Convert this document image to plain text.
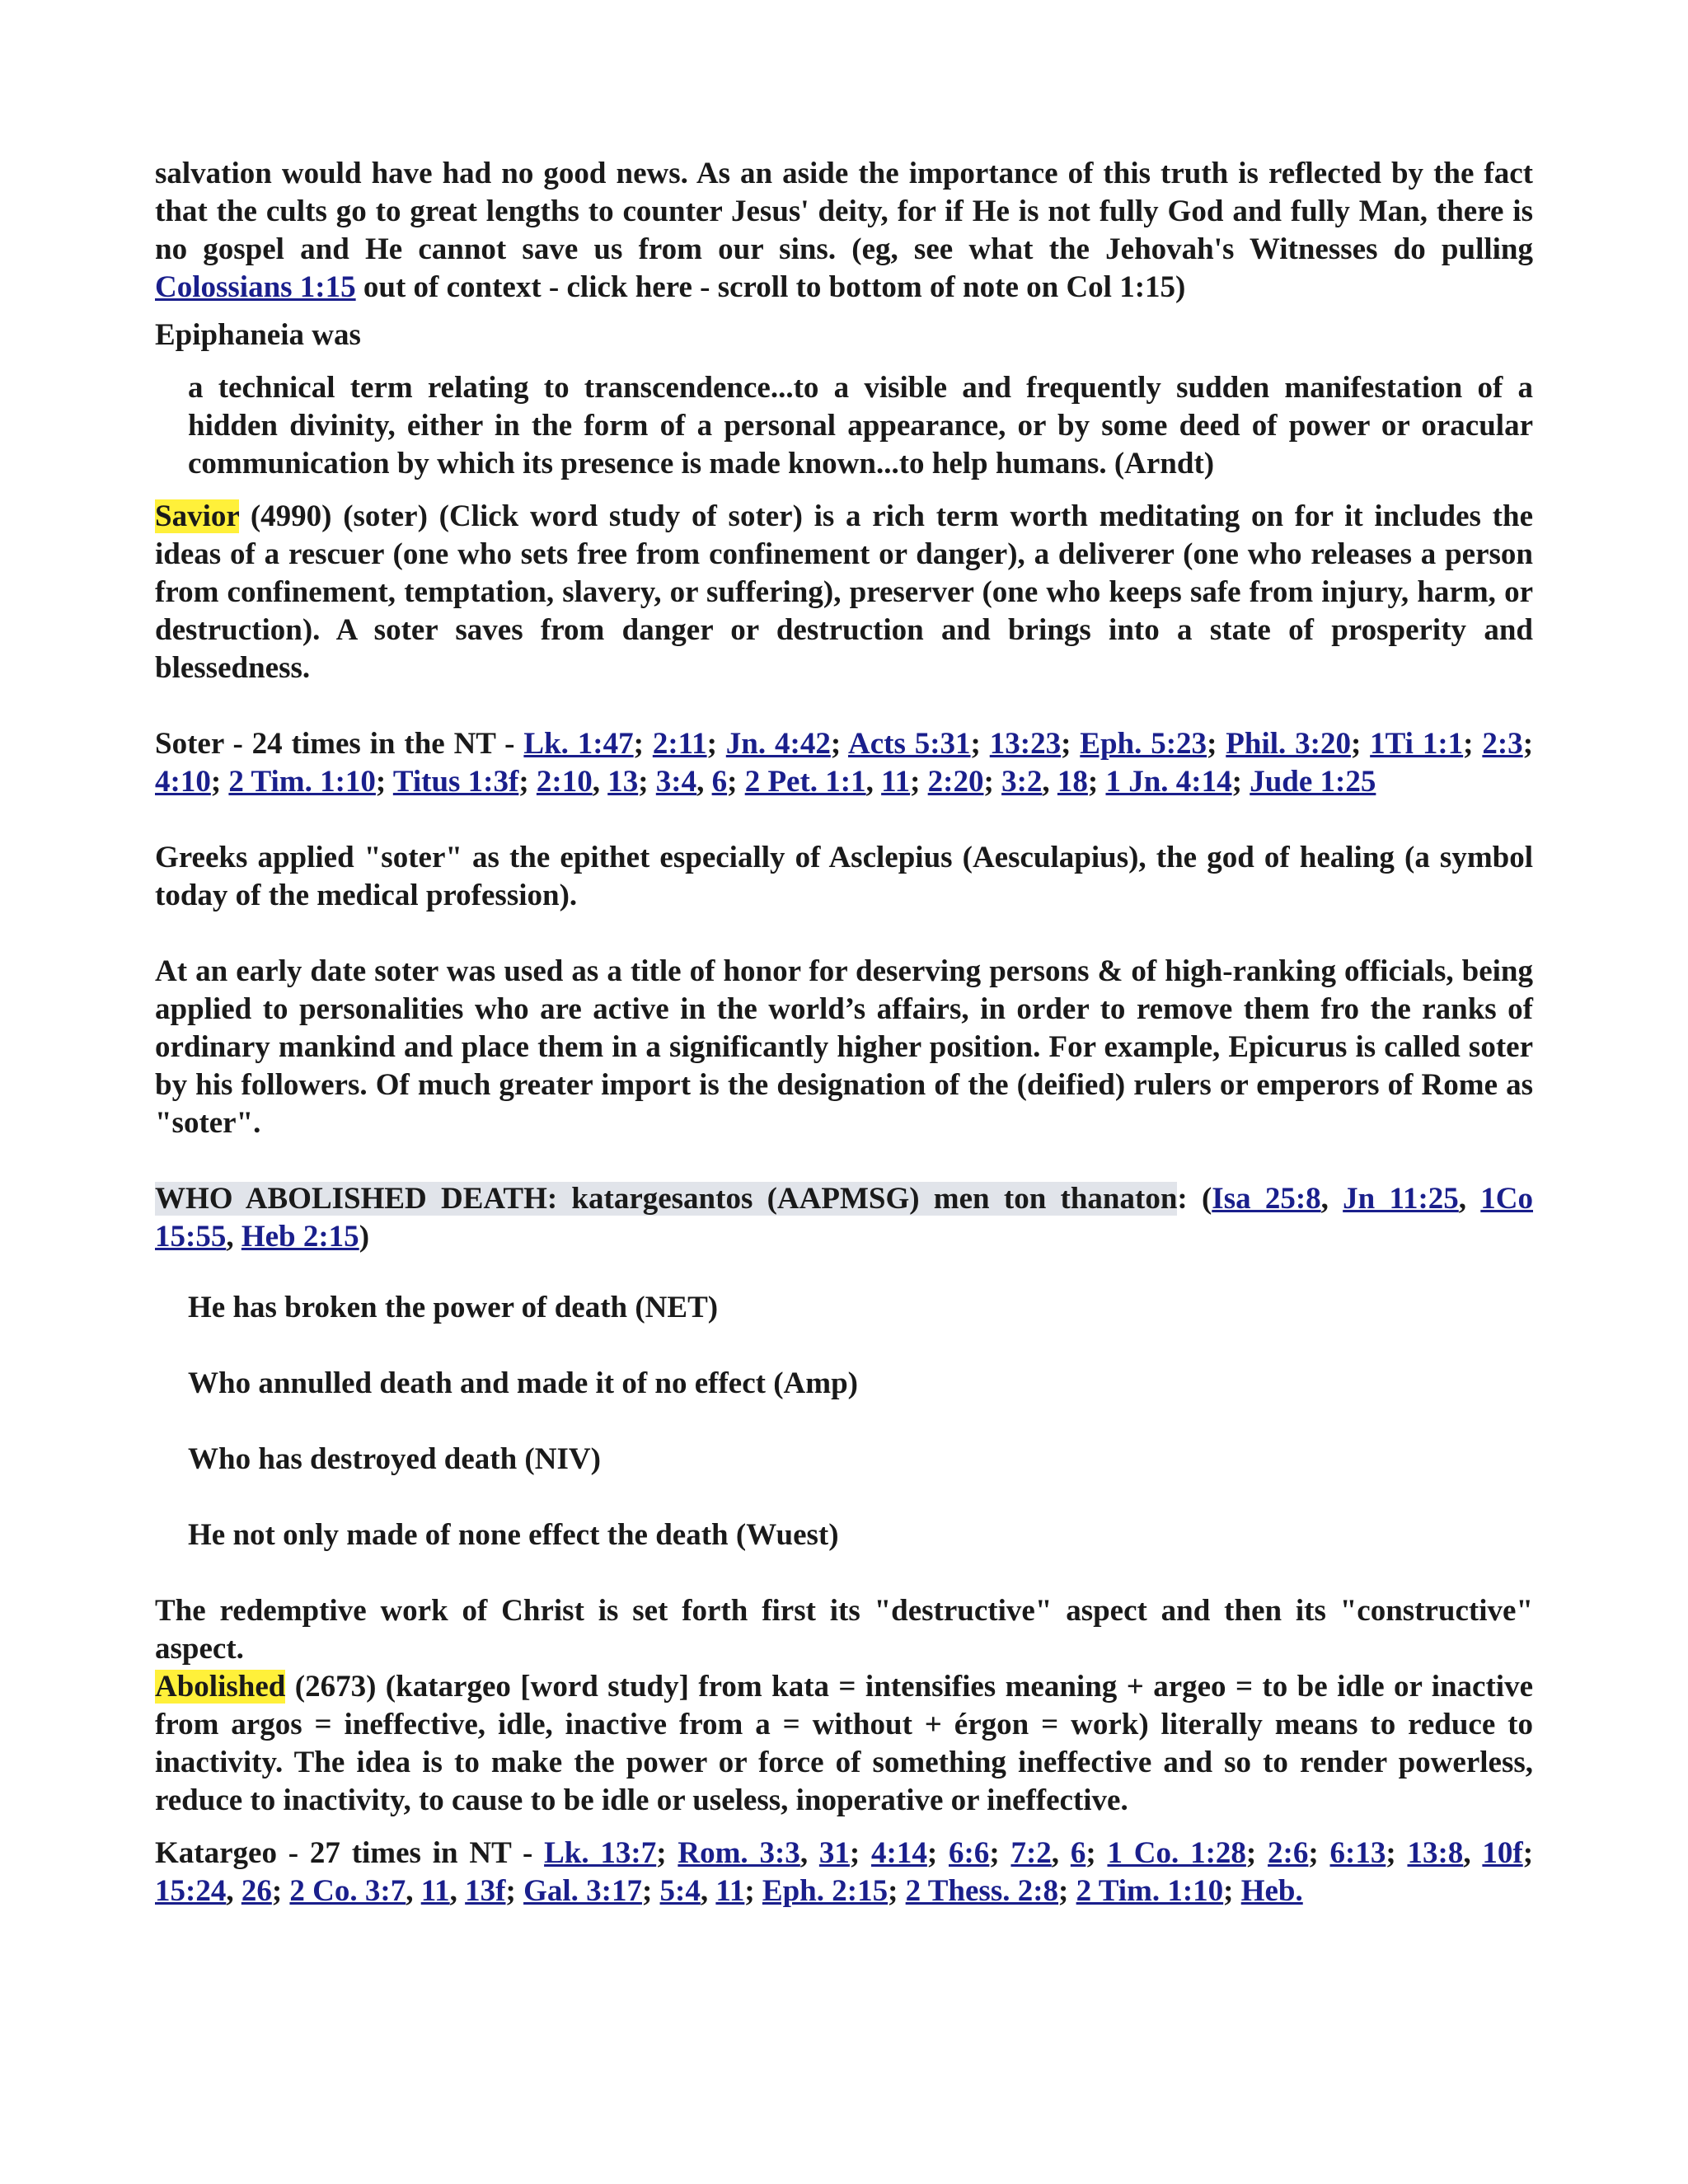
salvation would have had no good news. As an aside the importance of this truth is reflected by the fact that the cults go to great lengths to counter Jesus' deity, for if He is not fully God and fully Man, there is no gospel and He cannot save us from our sins. (eg, see what the Jehovah's Witnesses do pulling Colossians 1:15 out of context - click here - scroll to bottom of note on Col 1:15)

Epiphaneia was

a technical term relating to transcendence...to a visible and frequently sudden manifestation of a hidden divinity, either in the form of a personal appearance, or by some deed of power or oracular communication by which its presence is made known...to help humans. (Arndt)

Savior (4990) (soter) (Click word study of soter) is a rich term worth meditating on for it includes the ideas of a rescuer (one who sets free from confinement or danger), a deliverer (one who releases a person from confinement, temptation, slavery, or suffering), preserver (one who keeps safe from injury, harm, or destruction). A soter saves from danger or destruction and brings into a state of prosperity and blessedness.

Soter - 24 times in the NT - Lk. 1:47; 2:11; Jn. 4:42; Acts 5:31; 13:23; Eph. 5:23; Phil. 3:20; 1Ti 1:1; 2:3; 4:10; 2 Tim. 1:10; Titus 1:3f; 2:10, 13; 3:4, 6; 2 Pet. 1:1, 11; 2:20; 3:2, 18; 1 Jn. 4:14; Jude 1:25

Greeks applied "soter" as the epithet especially of Asclepius (Aesculapius), the god of healing (a symbol today of the medical profession).

At an early date soter was used as a title of honor for deserving persons & of high-ranking officials, being applied to personalities who are active in the world’s affairs, in order to remove them fro the ranks of ordinary mankind and place them in a significantly higher position. For example, Epicurus is called soter by his followers. Of much greater import is the designation of the (deified) rulers or emperors of Rome as "soter".

WHO ABOLISHED DEATH: katargesantos (AAPMSG) men ton thanaton: (Isa 25:8, Jn 11:25, 1Co 15:55, Heb 2:15)

He has broken the power of death (NET)

Who annulled death and made it of no effect (Amp)

Who has destroyed death (NIV)

He not only made of none effect the death (Wuest)

The redemptive work of Christ is set forth first its "destructive" aspect and then its "constructive" aspect.

Abolished (2673) (katargeo [word study] from kata = intensifies meaning + argeo = to be idle or inactive from argos = ineffective, idle, inactive from a = without + érgon = work) literally means to reduce to inactivity. The idea is to make the power or force of something ineffective and so to render powerless, reduce to inactivity, to cause to be idle or useless, inoperative or ineffective.

Katargeo - 27 times in NT - Lk. 13:7; Rom. 3:3, 31; 4:14; 6:6; 7:2, 6; 1 Co. 1:28; 2:6; 6:13; 13:8, 10f; 15:24, 26; 2 Co. 3:7, 11, 13f; Gal. 3:17; 5:4, 11; Eph. 2:15; 2 Thess. 2:8; 2 Tim. 1:10; Heb.
